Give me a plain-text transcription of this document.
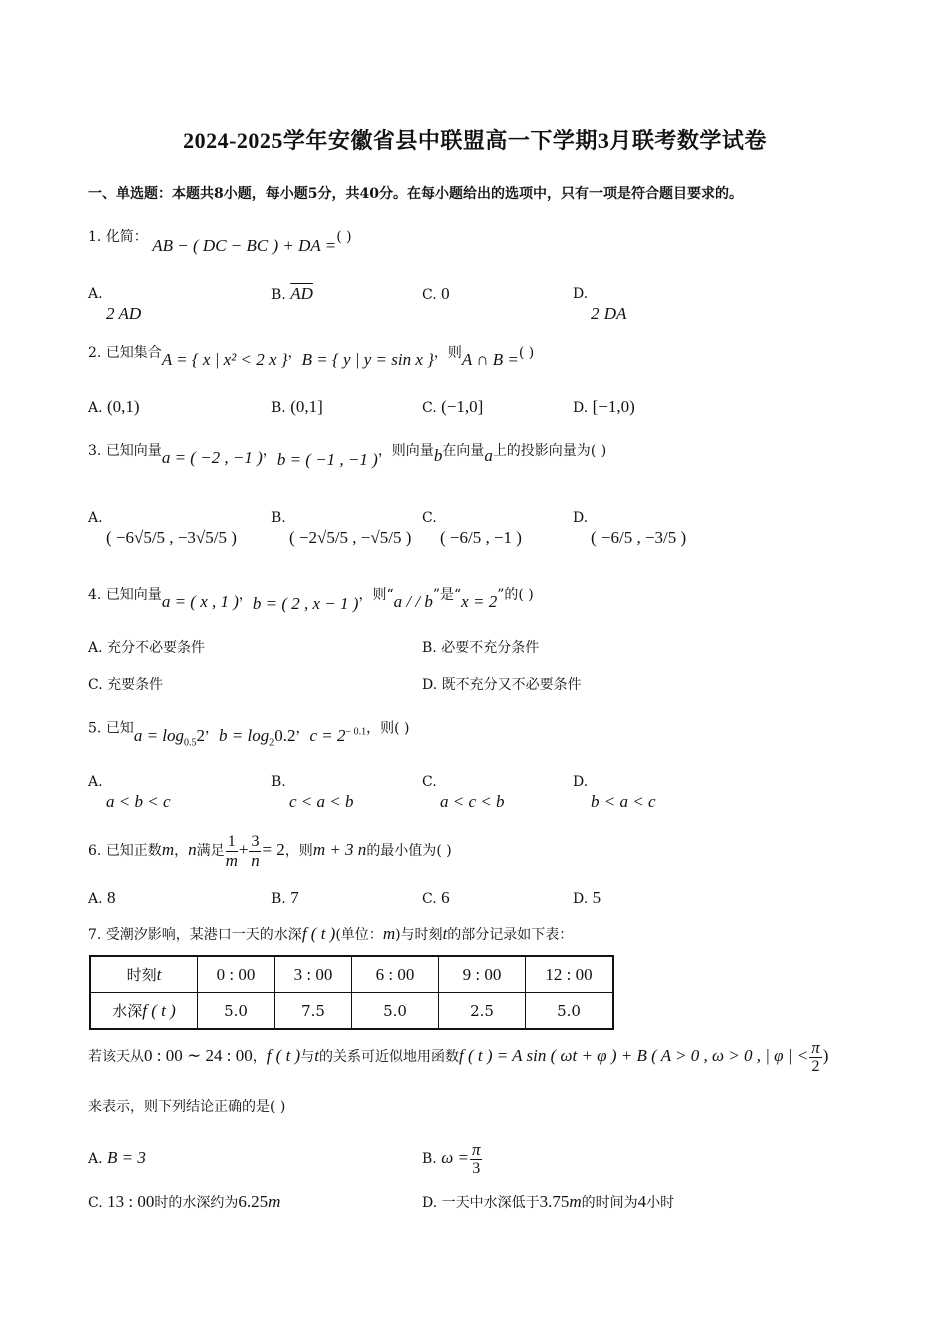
2024-2025学年安徽省县中联盟高一下学期3月联考数学试卷
一、单选题：本题共8小题，每小题5分，共40分。在每小题给出的选项中，只有一项是符合题目要求的。
1. 化简： AB − ( DC − BC ) + DA =( )
A.
2 AD
B. $\overline{AD}$	C. 0	D.
2 DA
2. 已知集合A = { x | x² < 2 x }，B = { y | y = sin x }，则A ∩ B =( )
A. (0,1)	B. (0,1]	C. (−1,0]	D. [−1,0)
3. 已知向量a = ( −2 , −1 )，b = ( −1 , −1 )，则向量b在向量a上的投影向量为( )
A.
( −6√5/5 , −3√5/5 )
B.
( −2√5/5 , −√5/5 )
C.
( −6/5 , −1 )
D.
( −6/5 , −3/5 )
4. 已知向量a = ( x , 1 )，b = ( 2 , x − 1 )，则“a / / b”是“x = 2”的( )
A. 充分不必要条件	B. 必要不充分条件
C. 充要条件	D. 既不充分又不必要条件
5. 已知$a = \log_{0.5}2$，$b = \log_20.2$，$c = 2^{- 0.1}$，则( )
A.
a < b < c
B.
c < a < b
C.
a < c < b
D.
b < a < c
6. 已知正数m，n满足 $\frac{1}{m} + \frac{3}{n} = 2$，则m + 3 n的最小值为( )
A. 8	B. 7	C. 6	D. 5
7. 受潮汐影响，某港口一天的水深f ( t )(单位：m)与时刻t的部分记录如下表：
时刻t	0 : 00	3 : 00	6 : 00	9 : 00	12 : 00
水深f ( t )	5.0	7.5	5.0	2.5	5.0
若该天从0 : 00 ∼ 24 : 00，f ( t )与t的关系可近似地用函数f ( t ) = A sin ( ωt + φ ) + B ( A > 0 , ω > 0 , | φ | < $\frac{\pi}{2}$ )
来表示，则下列结论正确的是( )
A. B = 3	B. $\omega = \frac{\pi}{3}$
C. 13 : 00时的水深约为6.25m	D. 一天中水深低于3.75m的时间为4小时
